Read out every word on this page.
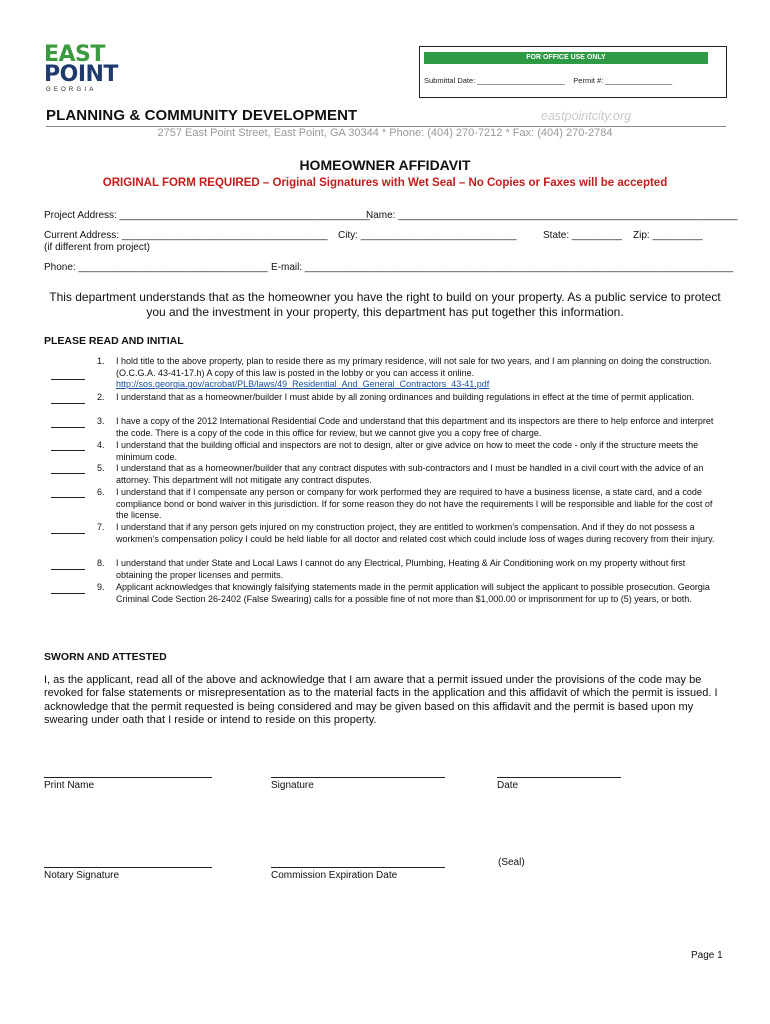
EAST
POINT
GEORGIA
FOR OFFICE USE ONLY
Submittal Date: _____________________ Permit #: ________________
PLANNING & COMMUNITY DEVELOPMENT	eastpointcity.org
2757 East Point Street, East Point, GA 30344 * Phone: (404) 270-7212 * Fax: (404) 270-2784
HOMEOWNER AFFIDAVIT
ORIGINAL FORM REQUIRED – Original Signatures with Wet Seal – No Copies or Faxes will be accepted
Project Address: _____________________________________________
Name: _____________________________________________________________
Current Address: _____________________________________ City: ____________________________	State: _________ Zip: _________
(if different from project)
Phone: __________________________________ E-mail: _____________________________________________________________________________
This department understands that as the homeowner you have the right to build on your property. As a public service to protect you and the investment in your property, this department has put together this information.
PLEASE READ AND INITIAL
1. I hold title to the above property, plan to reside there as my primary residence, will not sale for two years, and I am planning on doing the construction. (O.C.G.A. 43-41-17.h) A copy of this law is posted in the lobby or you can access it online.
http://sos.georgia.gov/acrobat/PLB/laws/49_Residential_And_General_Contractors_43-41.pdf
2. I understand that as a homeowner/builder I must abide by all zoning ordinances and building regulations in effect at the time of permit application.
3. I have a copy of the 2012 International Residential Code and understand that this department and its inspectors are there to help enforce and interpret the code. There is a copy of the code in this office for review, but we cannot give you a copy free of charge.
4. I understand that the building official and inspectors are not to design, alter or give advice on how to meet the code - only if the structure meets the minimum code.
5. I understand that as a homeowner/builder that any contract disputes with sub-contractors and I must be handled in a civil court with the advice of an attorney. This department will not mitigate any contract disputes.
6. I understand that if I compensate any person or company for work performed they are required to have a business license, a state card, and a code compliance bond or bond waiver in this jurisdiction. If for some reason they do not have the requirements I will be responsible and liable for the cost of the license.
7. I understand that if any person gets injured on my construction project, they are entitled to workmen’s compensation. And if they do not possess a workmen’s compensation policy I could be held liable for all doctor and related cost which could include loss of wages during recovery from their injury.
8. I understand that under State and Local Laws I cannot do any Electrical, Plumbing, Heating & Air Conditioning work on my property without first obtaining the proper licenses and permits.
9. Applicant acknowledges that knowingly falsifying statements made in the permit application will subject the applicant to possible prosecution. Georgia Criminal Code Section 26-2402 (False Swearing) calls for a possible fine of not more than $1,000.00 or imprisonment for up to (5) years, or both.
SWORN AND ATTESTED
I, as the applicant, read all of the above and acknowledge that I am aware that a permit issued under the provisions of the code may be revoked for false statements or misrepresentation as to the material facts in the application and this affidavit of which the permit is issued. I acknowledge that the permit requested is being considered and may be given based on this affidavit and the permit is based upon my swearing under oath that I reside or intend to reside on this property.
Print Name	Signature	Date
Notary Signature	Commission Expiration Date
(Seal)
Page 1
